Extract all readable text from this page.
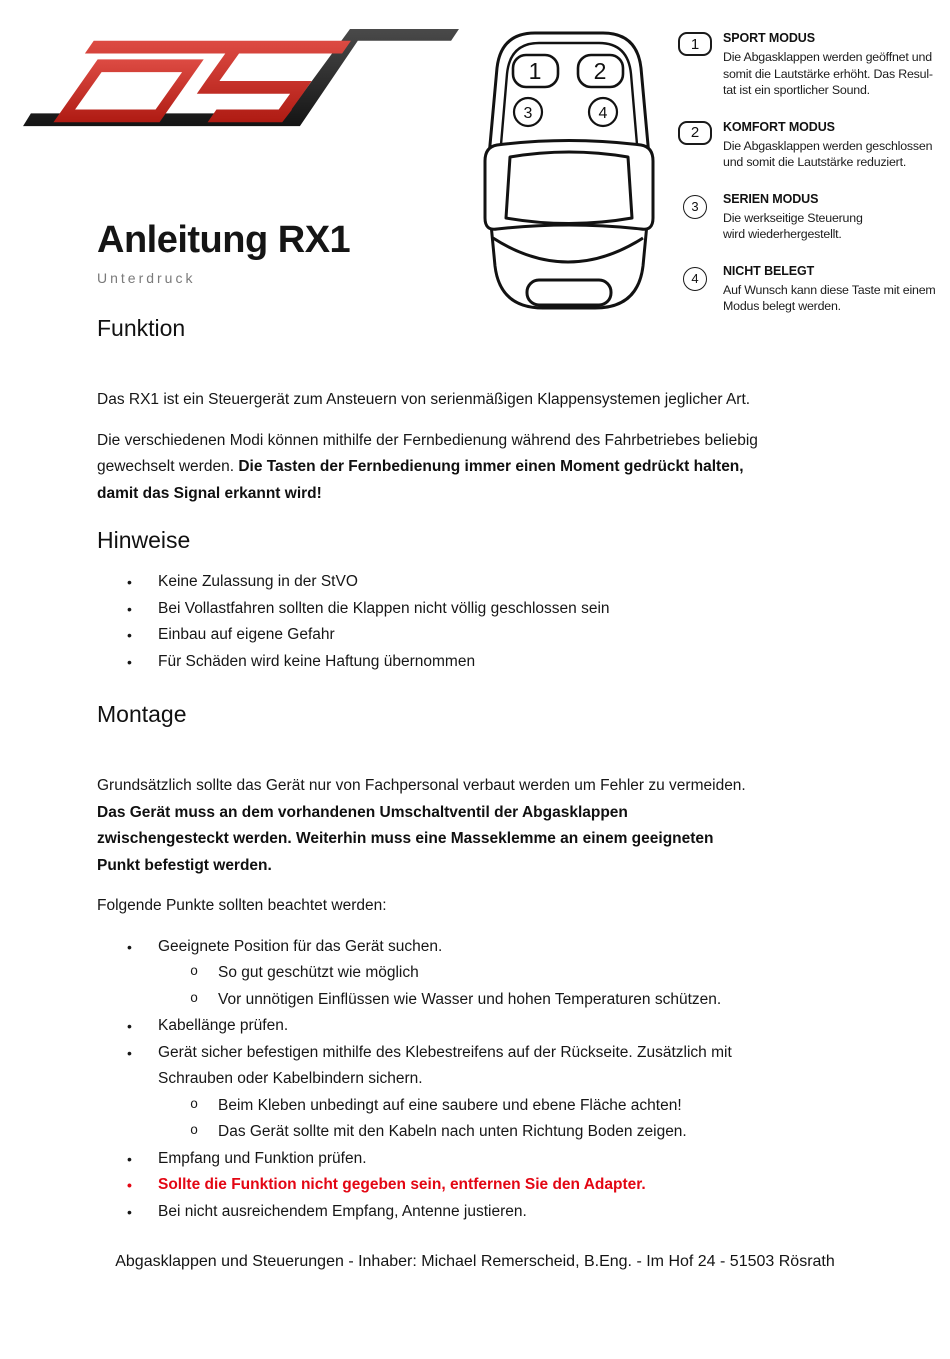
1 2
3	4
1 SPORT MODUS
Die Abgasklappen werden geöffnet und
somit die Lautstärke erhöht. Das Resul-
tat ist ein sportlicher Sound.
2 KOMFORT MODUS
Die Abgasklappen werden geschlossen
und somit die Lautstärke reduziert.
3
SERIEN MODUS
Die werkseitige Steuerung
wird wiederhergestellt.
4
NICHT BELEGT
Auf Wunsch kann diese Taste mit einem
Modus belegt werden.
Anleitung RX1
Unterdruck
Funktion

Das RX1 ist ein Steuergerät zum Ansteuern von serienmäßigen Klappensystemen jeglicher Art.

Die verschiedenen Modi können mithilfe der Fernbedienung während des Fahrbetriebes beliebig gewechselt werden. Die Tasten der Fernbedienung immer einen Moment gedrückt halten, damit das Signal erkannt wird!

Hinweise
•	Keine Zulassung in der StVO
•	Bei Vollastfahren sollten die Klappen nicht völlig geschlossen sein
•	Einbau auf eigene Gefahr
•	Für Schäden wird keine Haftung übernommen
Montage

Grundsätzlich sollte das Gerät nur von Fachpersonal verbaut werden um Fehler zu vermeiden. Das Gerät muss an dem vorhandenen Umschaltventil der Abgasklappen zwischengesteckt werden. Weiterhin muss eine Masseklemme an einem geeigneten Punkt befestigt werden.

Folgende Punkte sollten beachtet werden:

•	Geeignete Position für das Gerät suchen.
o	So gut geschützt wie möglich
o	Vor unnötigen Einflüssen wie Wasser und hohen Temperaturen schützen.
•	Kabellänge prüfen.
•	Gerät sicher befestigen mithilfe des Klebestreifens auf der Rückseite. Zusätzlich mit Schrauben oder Kabelbindern sichern.
o	Beim Kleben unbedingt auf eine saubere und ebene Fläche achten!
o	Das Gerät sollte mit den Kabeln nach unten Richtung Boden zeigen.
•	Empfang und Funktion prüfen.
•	Sollte die Funktion nicht gegeben sein, entfernen Sie den Adapter.
•	Bei nicht ausreichendem Empfang, Antenne justieren.
Abgasklappen und Steuerungen - Inhaber: Michael Remerscheid, B.Eng. - Im Hof 24 - 51503 Rösrath
